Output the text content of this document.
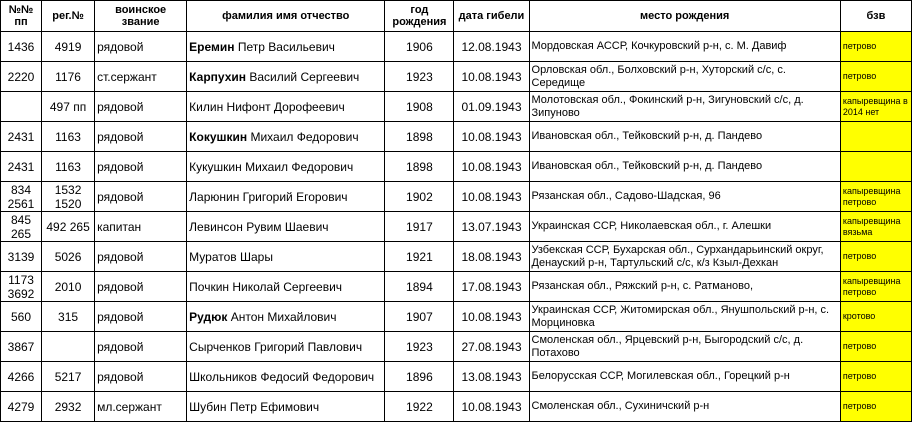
№№ пп	рег.№	воинское звание	фамилия имя отчество	год рождения	дата гибели	место рождения	бзв
1436	4919	рядовой	Еремин Петр Васильевич	1906	12.08.1943	Мордовская АССР, Кочкуровский р-н, с. М. Давиф	петрово
2220	1176	ст.сержант	Карпухин Василий Сергеевич	1923	10.08.1943	Орловская обл., Болховский р-н, Хуторский с/с, с. Середище	петрово
	497 пп	рядовой	Килин Нифонт Дорофеевич	1908	01.09.1943	Молотовская обл., Фокинский р-н, Зигуновский с/с, д. Зипуново	капыревщина в 2014 нет
2431	1163	рядовой	Кокушкин Михаил Федорович	1898	10.08.1943	Ивановская обл., Тейковский р-н, д. Пандево	
2431	1163	рядовой	Кукушкин Михаил Федорович	1898	10.08.1943	Ивановская обл., Тейковский р-н, д. Пандево	
834 2561	1532 1520	рядовой	Ларюнин Григорий Егорович	1902	10.08.1943	Рязанская обл., Садово-Шадская, 96	капыревщина петрово
845 265	492 265	капитан	Левинсон Рувим Шаевич	1917	13.07.1943	Украинская ССР, Николаевская обл., г. Алешки	капыревщина вязьма
3139	5026	рядовой	Муратов Шары	1921	18.08.1943	Узбекская ССР, Бухарская обл., Сурхандарьинский округ, Денауский р-н, Тартульский с/с, к/з Кзыл-Дехкан	петрово
1173 3692	2010	рядовой	Почкин Николай Сергеевич	1894	17.08.1943	Рязанская обл., Ряжский р-н, с. Ратманово,	капыревщина петрово
560	315	рядовой	Рудюк Антон Михайлович	1907	10.08.1943	Украинская ССР, Житомирская обл., Янушпольский р-н, с. Морциновка	кротово
3867		рядовой	Сырченков Григорий Павлович	1923	27.08.1943	Смоленская обл., Ярцевский р-н, Быгородский с/с, д. Потахово	петрово
4266	5217	рядовой	Школьников Федосий Федорович	1896	13.08.1943	Белорусская ССР, Могилевская обл., Горецкий р-н	петрово
4279	2932	мл.сержант	Шубин Петр Ефимович	1922	10.08.1943	Смоленская обл., Сухиничский р-н	петрово
